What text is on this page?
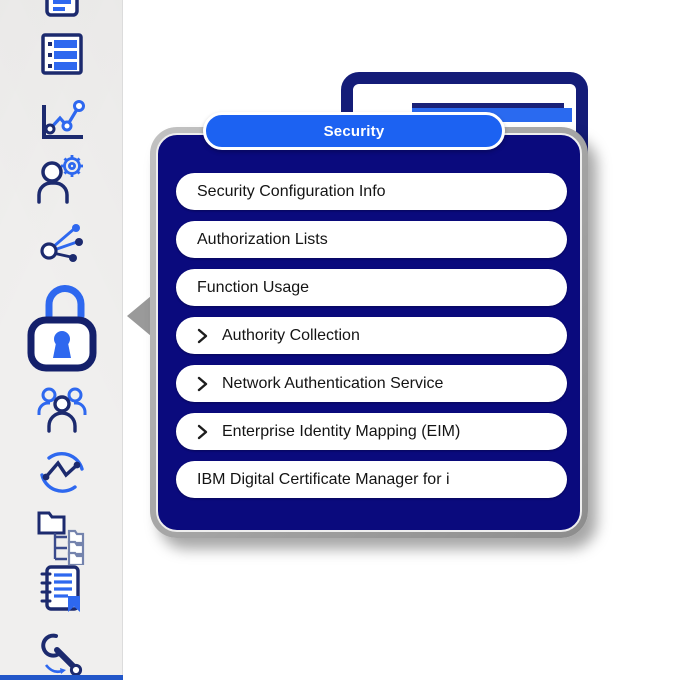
Security Configuration Info
Authorization Lists
Function Usage
Authority Collection
Network Authentication Service
Enterprise Identity Mapping (EIM)
IBM Digital Certificate Manager for i
Security
